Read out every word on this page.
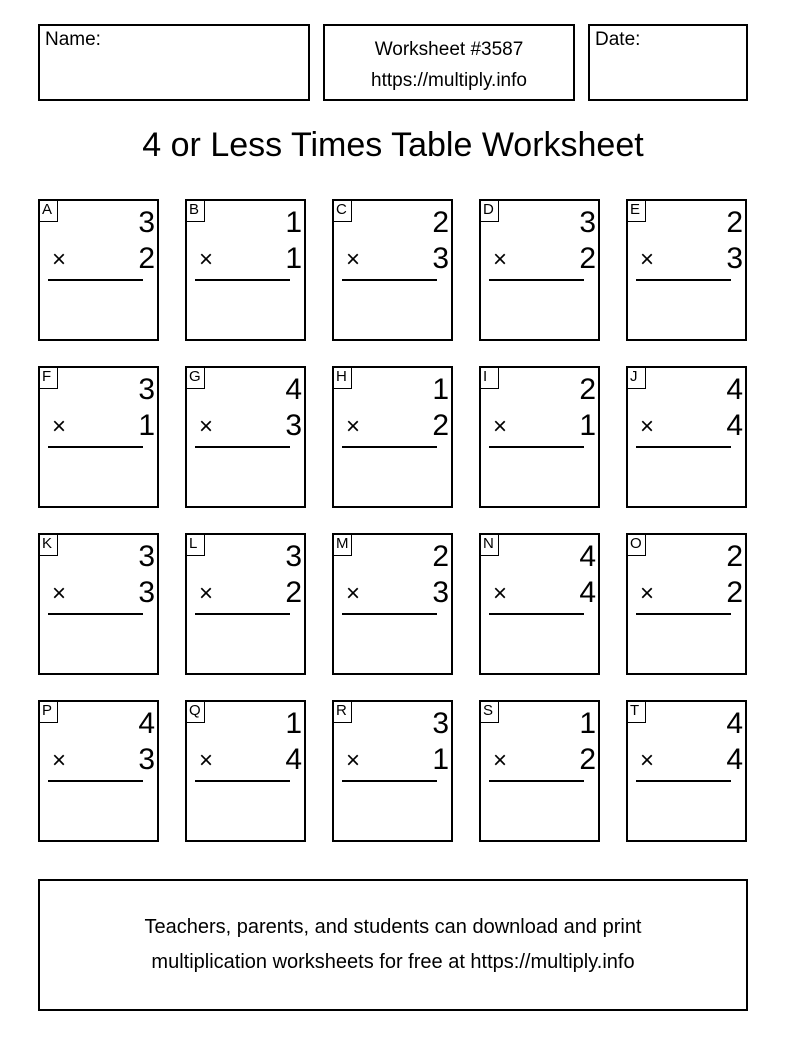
Name:	Worksheet #3587
https://multiply.info
Date:
4 or Less Times Table Worksheet
A	3
× 2
B	1
× 1
C	2
× 3
D	3
× 2
E	2
× 3
F	3
× 1
G	4
× 3
H	1
× 2
I	2
× 1
J	4
× 4
K	3
× 3
L	3
× 2
M	2
× 3
N	4
× 4
O	2
× 2
P	4
× 3
Q	1
× 4
R	3
× 1
S	1
× 2
T	4
× 4
Teachers, parents, and students can download and print
multiplication worksheets for free at https://multiply.info
